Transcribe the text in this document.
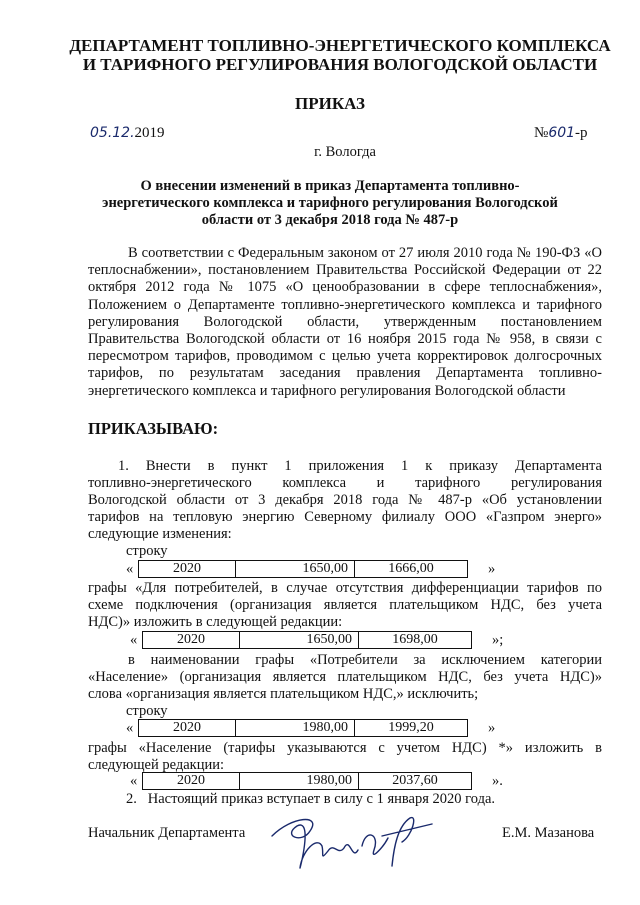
ДЕПАРТАМЕНТ ТОПЛИВНО-ЭНЕРГЕТИЧЕСКОГО КОМПЛЕКСА
И ТАРИФНОГО РЕГУЛИРОВАНИЯ ВОЛОГОДСКОЙ ОБЛАСТИ
ПРИКАЗ
05.12.2019	№601-р
г. Вологда
О внесении изменений в приказ Департамента топливно-
энергетического комплекса и тарифного регулирования Вологодской
области от 3 декабря 2018 года № 487-р
В соответствии с Федеральным законом от 27 июля 2010 года № 190-ФЗ «О теплоснабжении», постановлением Правительства Российской Федерации от 22 октября 2012 года № 1075 «О ценообразовании в сфере теплоснабжения», Положением о Департаменте топливно-энергетического комплекса и тарифного регулирования Вологодской области, утвержденным постановлением Правительства Вологодской области от 16 ноября 2015 года № 958, в связи с пересмотром тарифов, проводимом с целью учета корректировок долгосрочных тарифов, по результатам заседания правления Департамента топливно-энергетического комплекса и тарифного регулирования Вологодской области
ПРИКАЗЫВАЮ:
1. Внести в пункт 1 приложения 1 к приказу Департамента
топливно-энергетического комплекса и тарифного регулирования
Вологодской области от 3 декабря 2018 года № 487-р «Об установлении
тарифов на тепловую энергию Северному филиалу ООО «Газпром энерго»
следующие изменения:
строку
«	2020	1650,00	1666,00	»
графы «Для потребителей, в случае отсутствия дифференциации тарифов по
схеме подключения (организация является плательщиком НДС, без учета
НДС)» изложить в следующей редакции:
«	2020	1650,00	1698,00	»;
в наименовании графы «Потребители за исключением категории
«Население» (организация является плательщиком НДС, без учета НДС)»
слова «организация является плательщиком НДС,» исключить;
строку
«	2020	1980,00	1999,20	»
графы «Население (тарифы указываются с учетом НДС) *» изложить в
следующей редакции:
«	2020	1980,00	2037,60	».
2.   Настоящий приказ вступает в силу с 1 января 2020 года.
Начальник Департамента	Е.М. Мазанова
